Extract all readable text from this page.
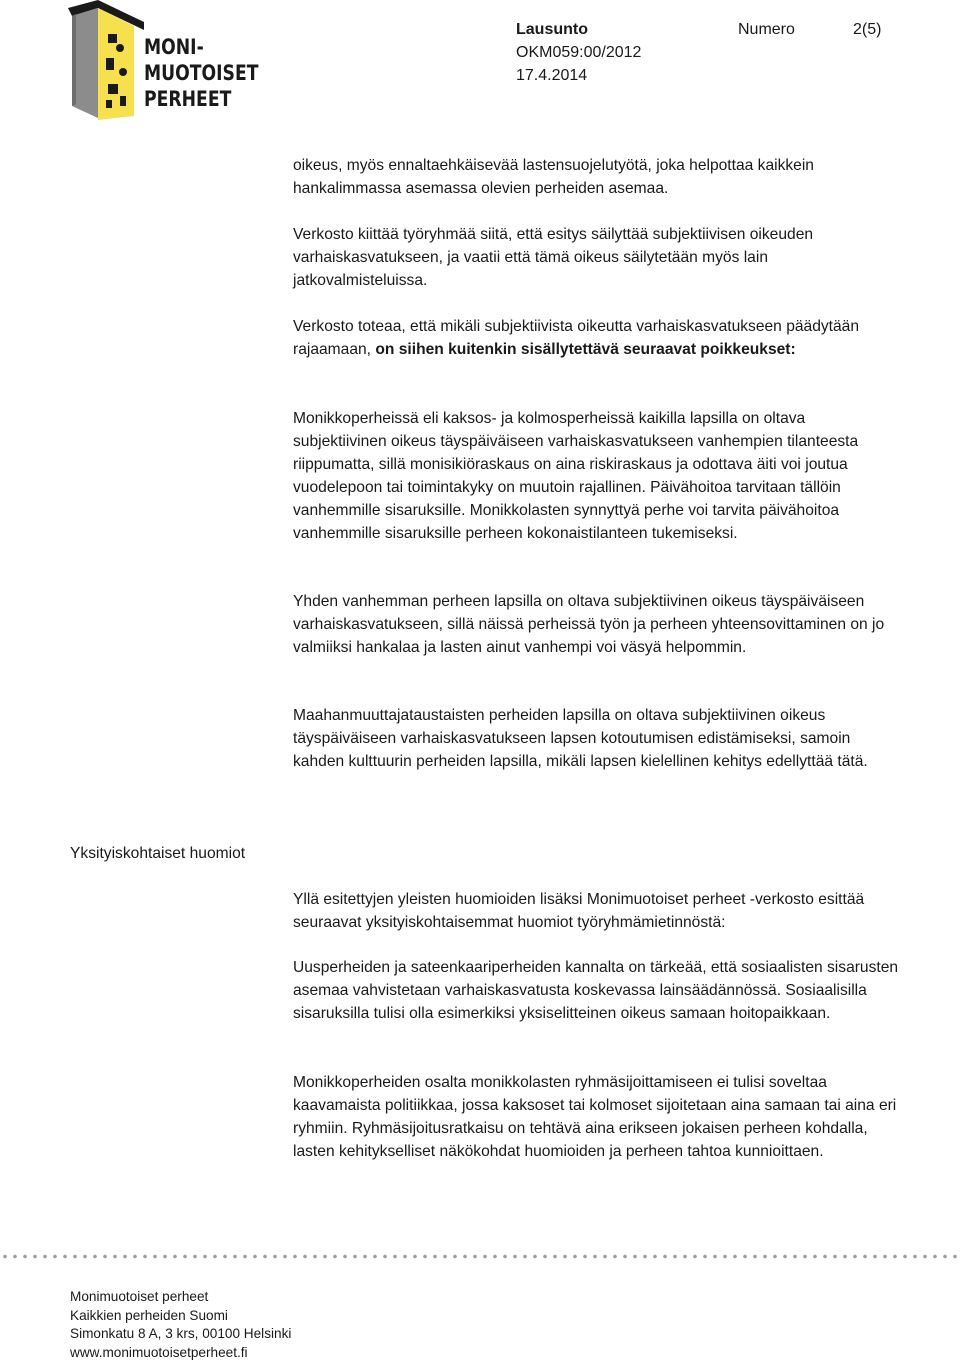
MONI-
MUOTOISET
PERHEET
Lausunto	Numero	2(5)
OKM059:00/2012
17.4.2014

oikeus, myös ennaltaehkäisevää lastensuojelutyötä, joka helpottaa kaikkein hankalimmassa asemassa olevien perheiden asemaa.

Verkosto kiittää työryhmää siitä, että esitys säilyttää subjektiivisen oikeuden varhaiskasvatukseen, ja vaatii että tämä oikeus säilytetään myös lain jatkovalmisteluissa.

Verkosto toteaa, että mikäli subjektiivista oikeutta varhaiskasvatukseen päädytään rajaamaan, on siihen kuitenkin sisällytettävä seuraavat poikkeukset:

Monikkoperheissä eli kaksos- ja kolmosperheissä kaikilla lapsilla on oltava subjektiivinen oikeus täyspäiväiseen varhaiskasvatukseen vanhempien tilanteesta riippumatta, sillä monisikiöraskaus on aina riskiraskaus ja odottava äiti voi joutua vuodelepoon tai toimintakyky on muutoin rajallinen. Päivähoitoa tarvitaan tällöin vanhemmille sisaruksille. Monikkolasten synnyttyä perhe voi tarvita päivähoitoa vanhemmille sisaruksille perheen kokonaistilanteen tukemiseksi.

Yhden vanhemman perheen lapsilla on oltava subjektiivinen oikeus täyspäiväiseen varhaiskasvatukseen, sillä näissä perheissä työn ja perheen yhteensovittaminen on jo valmiiksi hankalaa ja lasten ainut vanhempi voi väsyä helpommin.

Maahanmuuttajataustaisten perheiden lapsilla on oltava subjektiivinen oikeus täyspäiväiseen varhaiskasvatukseen lapsen kotoutumisen edistämiseksi, samoin kahden kulttuurin perheiden lapsilla, mikäli lapsen kielellinen kehitys edellyttää tätä.

Yksityiskohtaiset huomiot

Yllä esitettyjen yleisten huomioiden lisäksi Monimuotoiset perheet -verkosto esittää seuraavat yksityiskohtaisemmat huomiot työryhmämietinnöstä:

Uusperheiden ja sateenkaariperheiden kannalta on tärkeää, että sosiaalisten sisarusten asemaa vahvistetaan varhaiskasvatusta koskevassa lainsäädännössä. Sosiaalisilla sisaruksilla tulisi olla esimerkiksi yksiselitteinen oikeus samaan hoitopaikkaan.

Monikkoperheiden osalta monikkolasten ryhmäsijoittamiseen ei tulisi soveltaa kaavamaista politiikkaa, jossa kaksoset tai kolmoset sijoitetaan aina samaan tai aina eri ryhmiin. Ryhmäsijoitusratkaisu on tehtävä aina erikseen jokaisen perheen kohdalla, lasten kehitykselliset näkökohdat huomioiden ja perheen tahtoa kunnioittaen.

Monimuotoiset perheet
Kaikkien perheiden Suomi
Simonkatu 8 A, 3 krs, 00100 Helsinki
www.monimuotoisetperheet.fi
